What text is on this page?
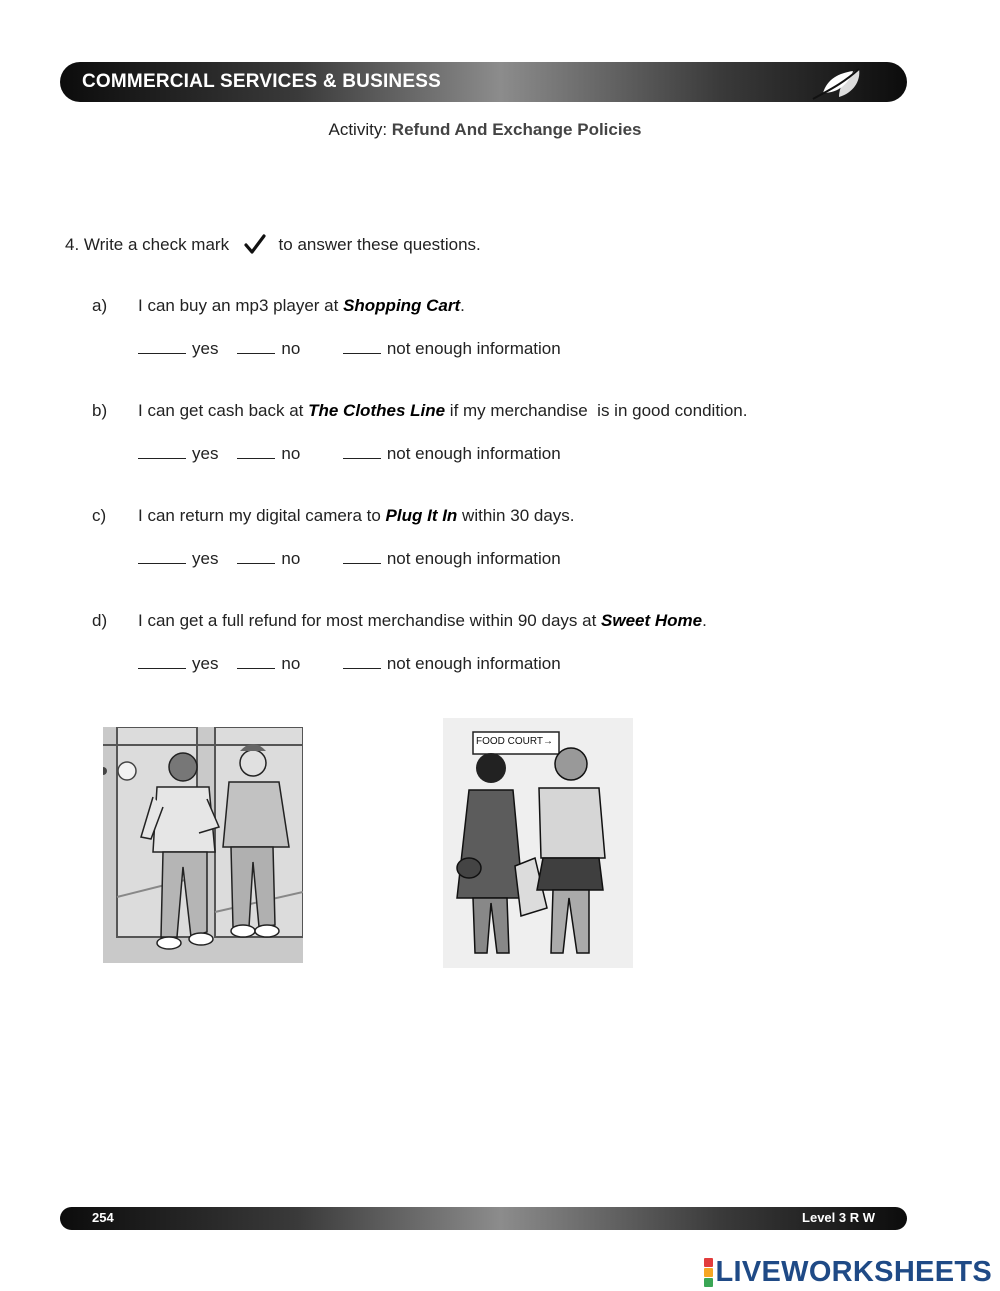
COMMERCIAL SERVICES & BUSINESS
Activity: Refund And Exchange Policies
4. Write a check mark	to answer these questions.
a) I can buy an mp3 player at Shopping Cart.
yes	no	not enough information
b) I can get cash back at The Clothes Line if my merchandise  is in good condition.
yes	no	not enough information
c) I can return my digital camera to Plug It In within 30 days.
yes	no	not enough information
d) I can get a full refund for most merchandise within 90 days at Sweet Home.
yes	no	not enough information
FOOD COURT→
254	Level 3 R W
LIVEWORKSHEETS
